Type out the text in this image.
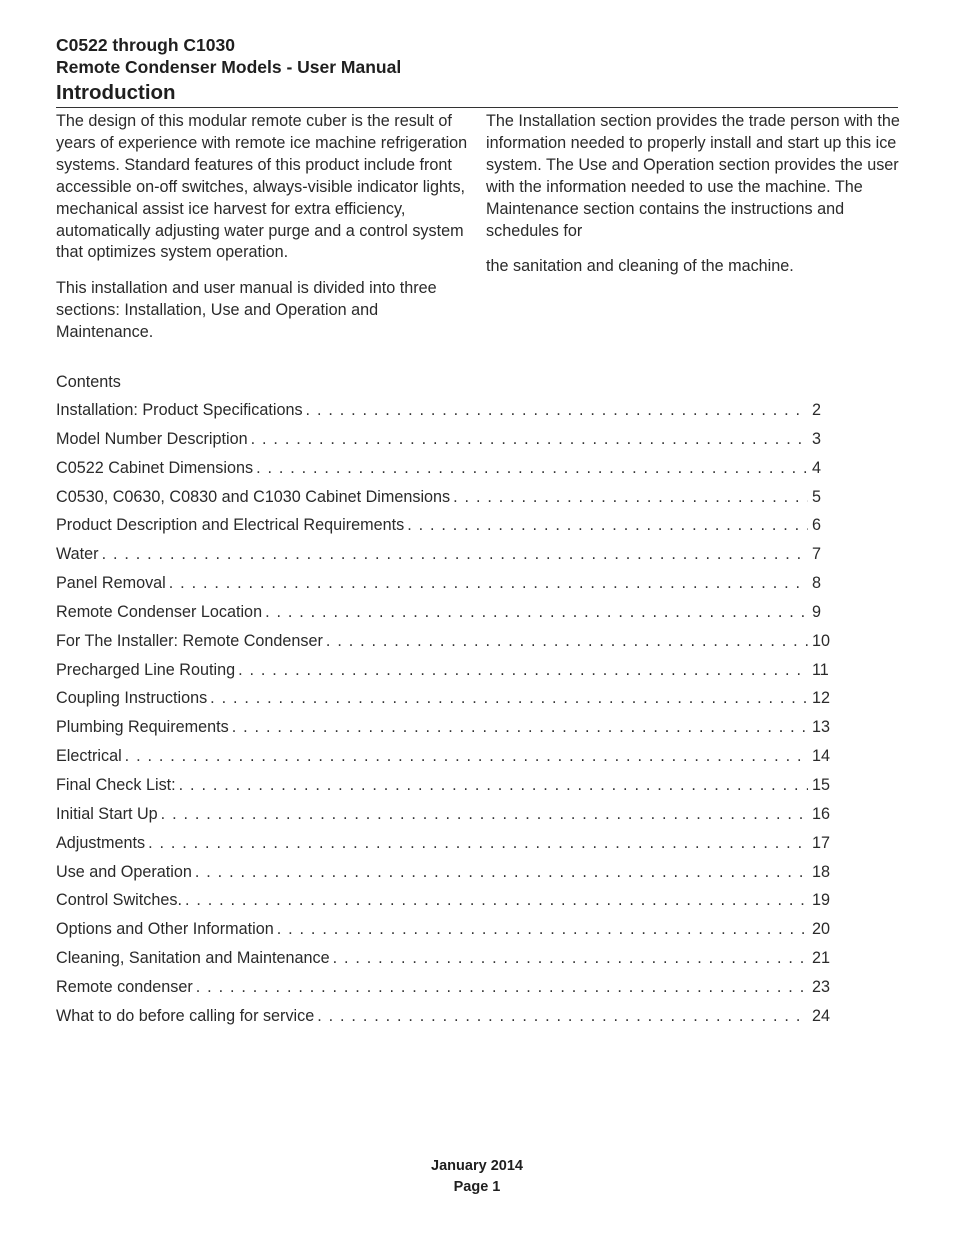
C0522 through C1030
Remote Condenser Models - User Manual
Introduction

The design of this modular remote cuber is the result of years of experience with remote ice machine refrigeration systems. Standard features of this product include front accessible on-off switches, always-visible indicator lights, mechanical assist ice harvest for extra efficiency, automatically adjusting water purge and a control system that optimizes system operation.

This installation and user manual is divided into three sections: Installation, Use and Operation and Maintenance.

The Installation section provides the trade person with the information needed to properly install and start up this ice system. The Use and Operation section provides the user with the information needed to use the machine. The Maintenance section contains the instructions and schedules for

the sanitation and cleaning of the machine.

Contents
Installation: Product Specifications . . .	2
Model Number Description . . .	3
C0522 Cabinet Dimensions . . .	4
C0530, C0630, C0830 and C1030 Cabinet Dimensions . . .	5
Product Description and Electrical Requirements . . .	6
Water . . .	7
Panel Removal . . .	8
Remote Condenser Location . . .	9
For The Installer: Remote Condenser . . .	10
Precharged Line Routing . . .	11
Coupling Instructions . . .	12
Plumbing Requirements . . .	13
Electrical . . .	14
Final Check List: . . .	15
Initial Start Up . . .	16
Adjustments . . .	17
Use and Operation . . .	18
Control Switches. . . .	19
Options and Other Information . . .	20
Cleaning, Sanitation and Maintenance . . .	21
Remote condenser . . .	23
What to do before calling for service . . .	24
January 2014
Page 1
